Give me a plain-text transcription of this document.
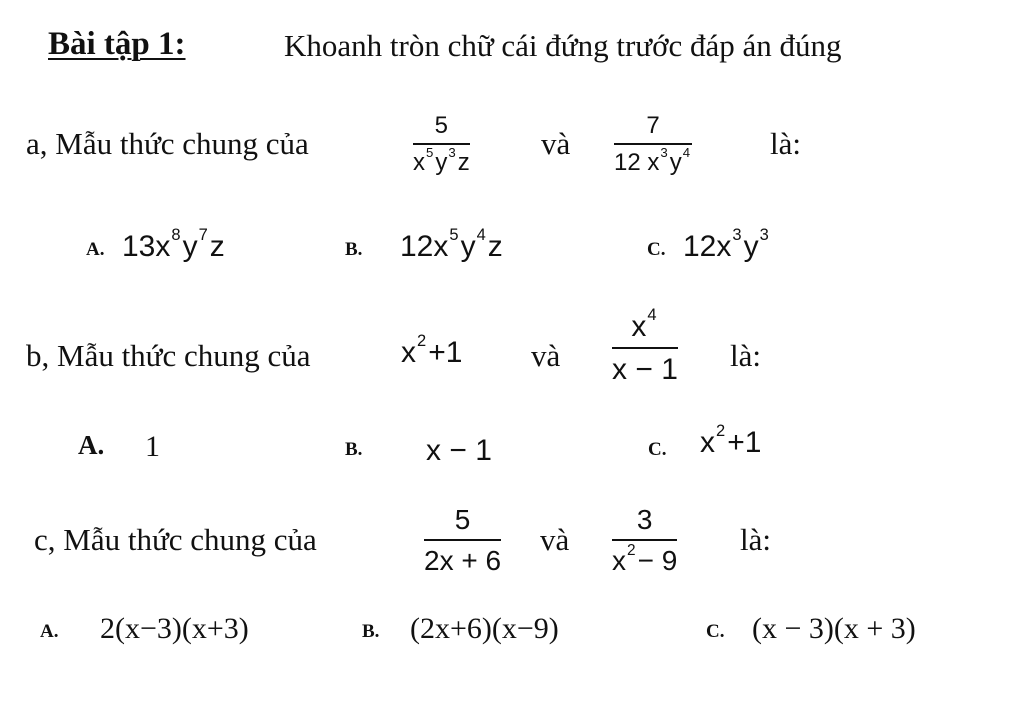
Bài tập 1:	Khoanh tròn chữ cái đứng trước đáp án đúng
a, Mẫu thức chung của
5
$x^5y^3z$
và
7
12 $x^3y^4$	là:
A. $13x^8y^7z$	B. $12x^5y^4z$	C. $12x^3y^3$
b, Mẫu thức chung của	$x^2+1$ và
$x^4$
x − 1 là:
A. 1	B. x − 1	C. $x^2+1$
c, Mẫu thức chung của
5
2x + 6
và
3
$x^2- 9$
là:
A. 2(x−3)(x+3)	B. (2x+6)(x−9)	C. (x − 3)(x + 3)
